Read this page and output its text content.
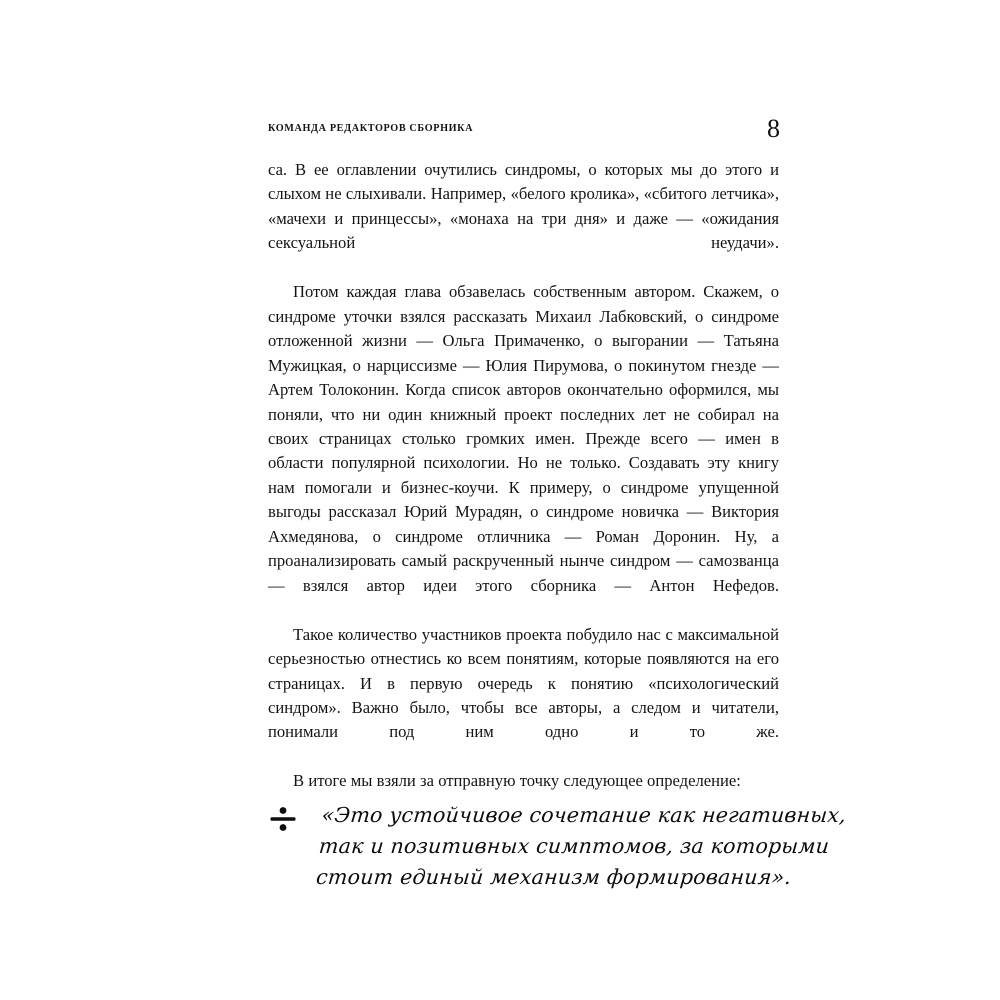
КОМАНДА РЕДАКТОРОВ СБОРНИКА	8

са. В ее оглавлении очутились синдромы, о которых мы до этого и слыхом не слыхивали. Например, «белого кролика», «сбитого летчика», «мачехи и принцессы», «монаха на три дня» и даже — «ожидания сексуальной неудачи».

Потом каждая глава обзавелась собственным автором. Скажем, о синдроме уточки взялся рассказать Михаил Лабковский, о синдроме отложенной жизни — Ольга Примаченко, о выгорании — Татьяна Мужицкая, о нарциссизме — Юлия Пирумова, о покинутом гнезде — Артем Толоконин. Когда список авторов окончательно оформился, мы поняли, что ни один книжный проект последних лет не собирал на своих страницах столько громких имен. Прежде всего — имен в области популярной психологии. Но не только. Создавать эту книгу нам помогали и бизнес-коучи. К примеру, о синдроме упущенной выгоды рассказал Юрий Мурадян, о синдроме новичка — Виктория Ахмедянова, о синдроме отличника — Роман Доронин. Ну, а проанализировать самый раскрученный нынче синдром — самозванца — взялся автор идеи этого сборника — Антон Нефедов.

Такое количество участников проекта побудило нас с максимальной серьезностью отнестись ко всем понятиям, которые появляются на его страницах. И в первую очередь к понятию «психологический синдром». Важно было, чтобы все авторы, а следом и читатели, понимали под ним одно и то же.

В итоге мы взяли за отправную точку следующее определение:

«Это устойчивое сочетание как негативных,
так и позитивных симптомов, за которыми
стоит единый механизм формирования».
